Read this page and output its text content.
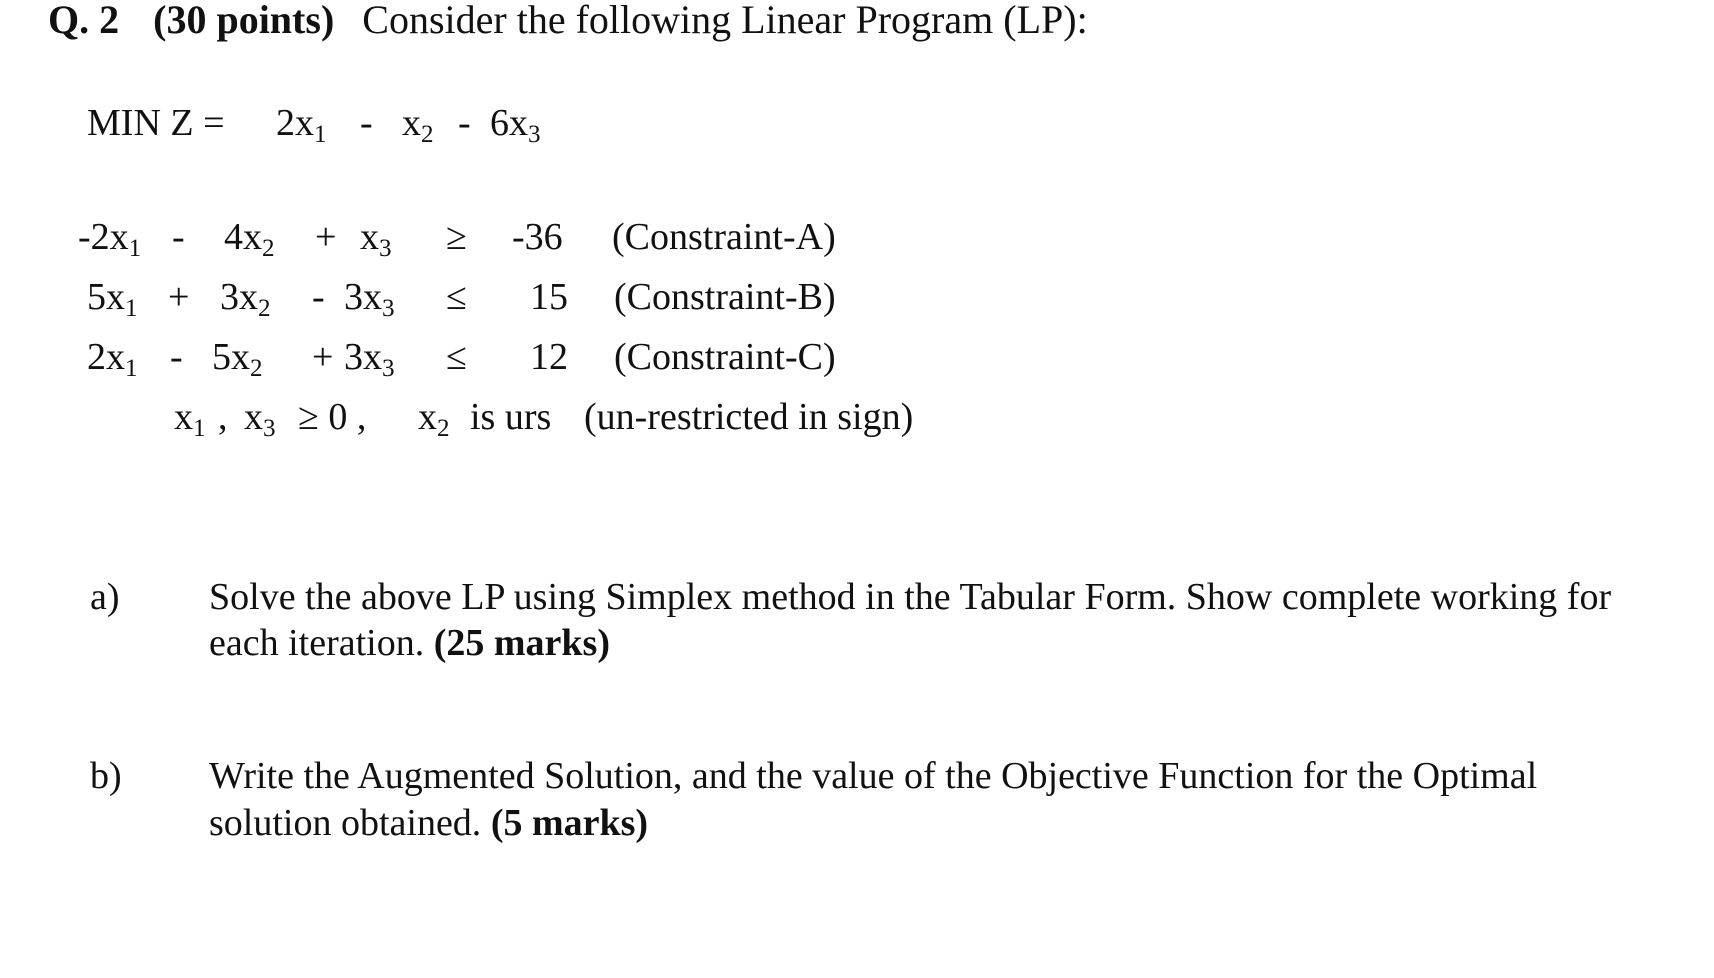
Q. 2 (30 points) Consider the following Linear Program (LP):
MIN Z = 2x1 - x2 - 6x3
-2x1 - 4x2 + x3 ≥ -36 (Constraint-A)
5x1 + 3x2 - 3x3 ≤ 15 (Constraint-B)
2x1 - 5x2 + 3x3 ≤ 12 (Constraint-C)
x1 , x3 ≥ 0 , x2 is urs (un-restricted in sign)
a) Solve the above LP using Simplex method in the Tabular Form. Show complete working for
each iteration. (25 marks)
b) Write the Augmented Solution, and the value of the Objective Function for the Optimal
solution obtained. (5 marks)
